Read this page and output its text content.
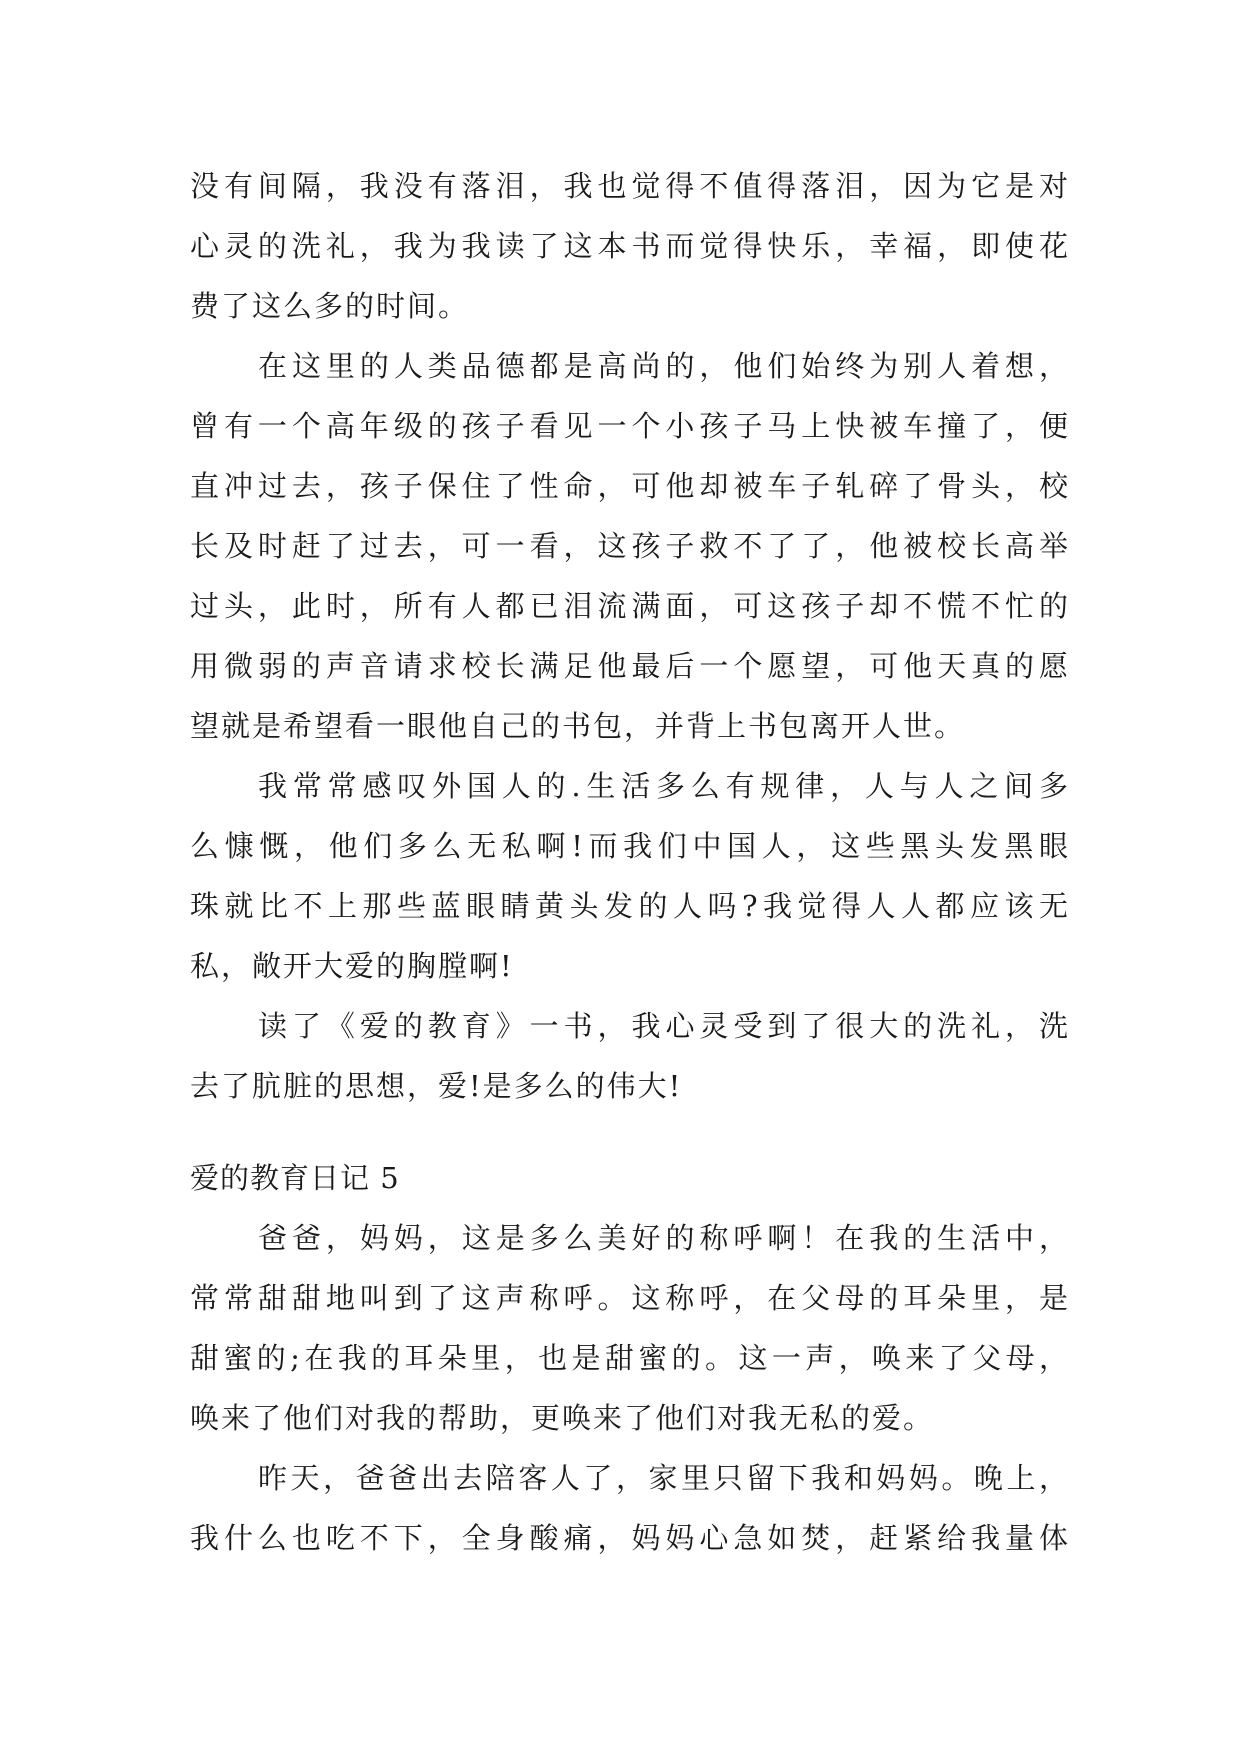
没有间隔，我没有落泪，我也觉得不值得落泪，因为它是对
心灵的洗礼，我为我读了这本书而觉得快乐，幸福，即使花
费了这么多的时间。
在这里的人类品德都是高尚的，他们始终为别人着想，
曾有一个高年级的孩子看见一个小孩子马上快被车撞了，便
直冲过去，孩子保住了性命，可他却被车子轧碎了骨头，校
长及时赶了过去，可一看，这孩子救不了了，他被校长高举
过头，此时，所有人都已泪流满面，可这孩子却不慌不忙的
用微弱的声音请求校长满足他最后一个愿望，可他天真的愿
望就是希望看一眼他自己的书包，并背上书包离开人世。
我常常感叹外国人的.生活多么有规律，人与人之间多
么慷慨，他们多么无私啊!而我们中国人，这些黑头发黑眼
珠就比不上那些蓝眼睛黄头发的人吗?我觉得人人都应该无
私，敞开大爱的胸膛啊!
读了《爱的教育》一书，我心灵受到了很大的洗礼，洗
去了肮脏的思想，爱!是多么的伟大!
爱的教育日记 5
爸爸，妈妈，这是多么美好的称呼啊！在我的生活中，
常常甜甜地叫到了这声称呼。这称呼，在父母的耳朵里，是
甜蜜的;在我的耳朵里，也是甜蜜的。这一声，唤来了父母，
唤来了他们对我的帮助，更唤来了他们对我无私的爱。
昨天，爸爸出去陪客人了，家里只留下我和妈妈。晚上，
我什么也吃不下，全身酸痛，妈妈心急如焚，赶紧给我量体
